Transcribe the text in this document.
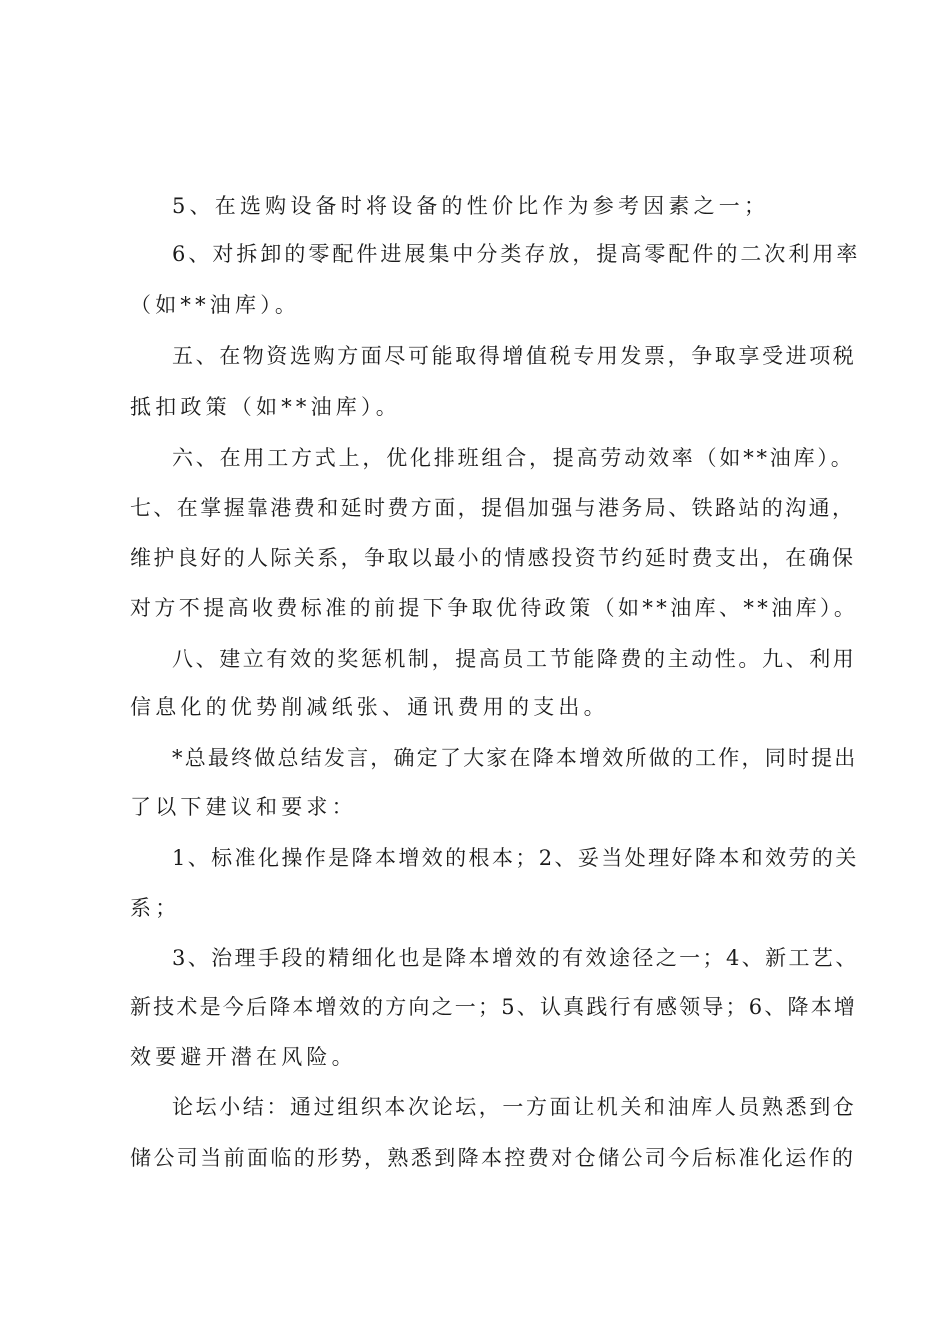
5、在选购设备时将设备的性价比作为参考因素之一；
6、对拆卸的零配件进展集中分类存放，提高零配件的二次利用率
（如**油库）。
五、在物资选购方面尽可能取得增值税专用发票，争取享受进项税
抵扣政策（如**油库）。
六、在用工方式上，优化排班组合，提高劳动效率（如**油库）。
七、在掌握靠港费和延时费方面，提倡加强与港务局、铁路站的沟通，
维护良好的人际关系，争取以最小的情感投资节约延时费支出，在确保
对方不提高收费标准的前提下争取优待政策（如**油库、**油库）。
八、建立有效的奖惩机制，提高员工节能降费的主动性。九、利用
信息化的优势削减纸张、通讯费用的支出。
*总最终做总结发言，确定了大家在降本增效所做的工作，同时提出
了以下建议和要求：
1、标准化操作是降本增效的根本；2、妥当处理好降本和效劳的关
系；
3、治理手段的精细化也是降本增效的有效途径之一；4、新工艺、
新技术是今后降本增效的方向之一；5、认真践行有感领导；6、降本增
效要避开潜在风险。
论坛小结：通过组织本次论坛，一方面让机关和油库人员熟悉到仓
储公司当前面临的形势，熟悉到降本控费对仓储公司今后标准化运作的
